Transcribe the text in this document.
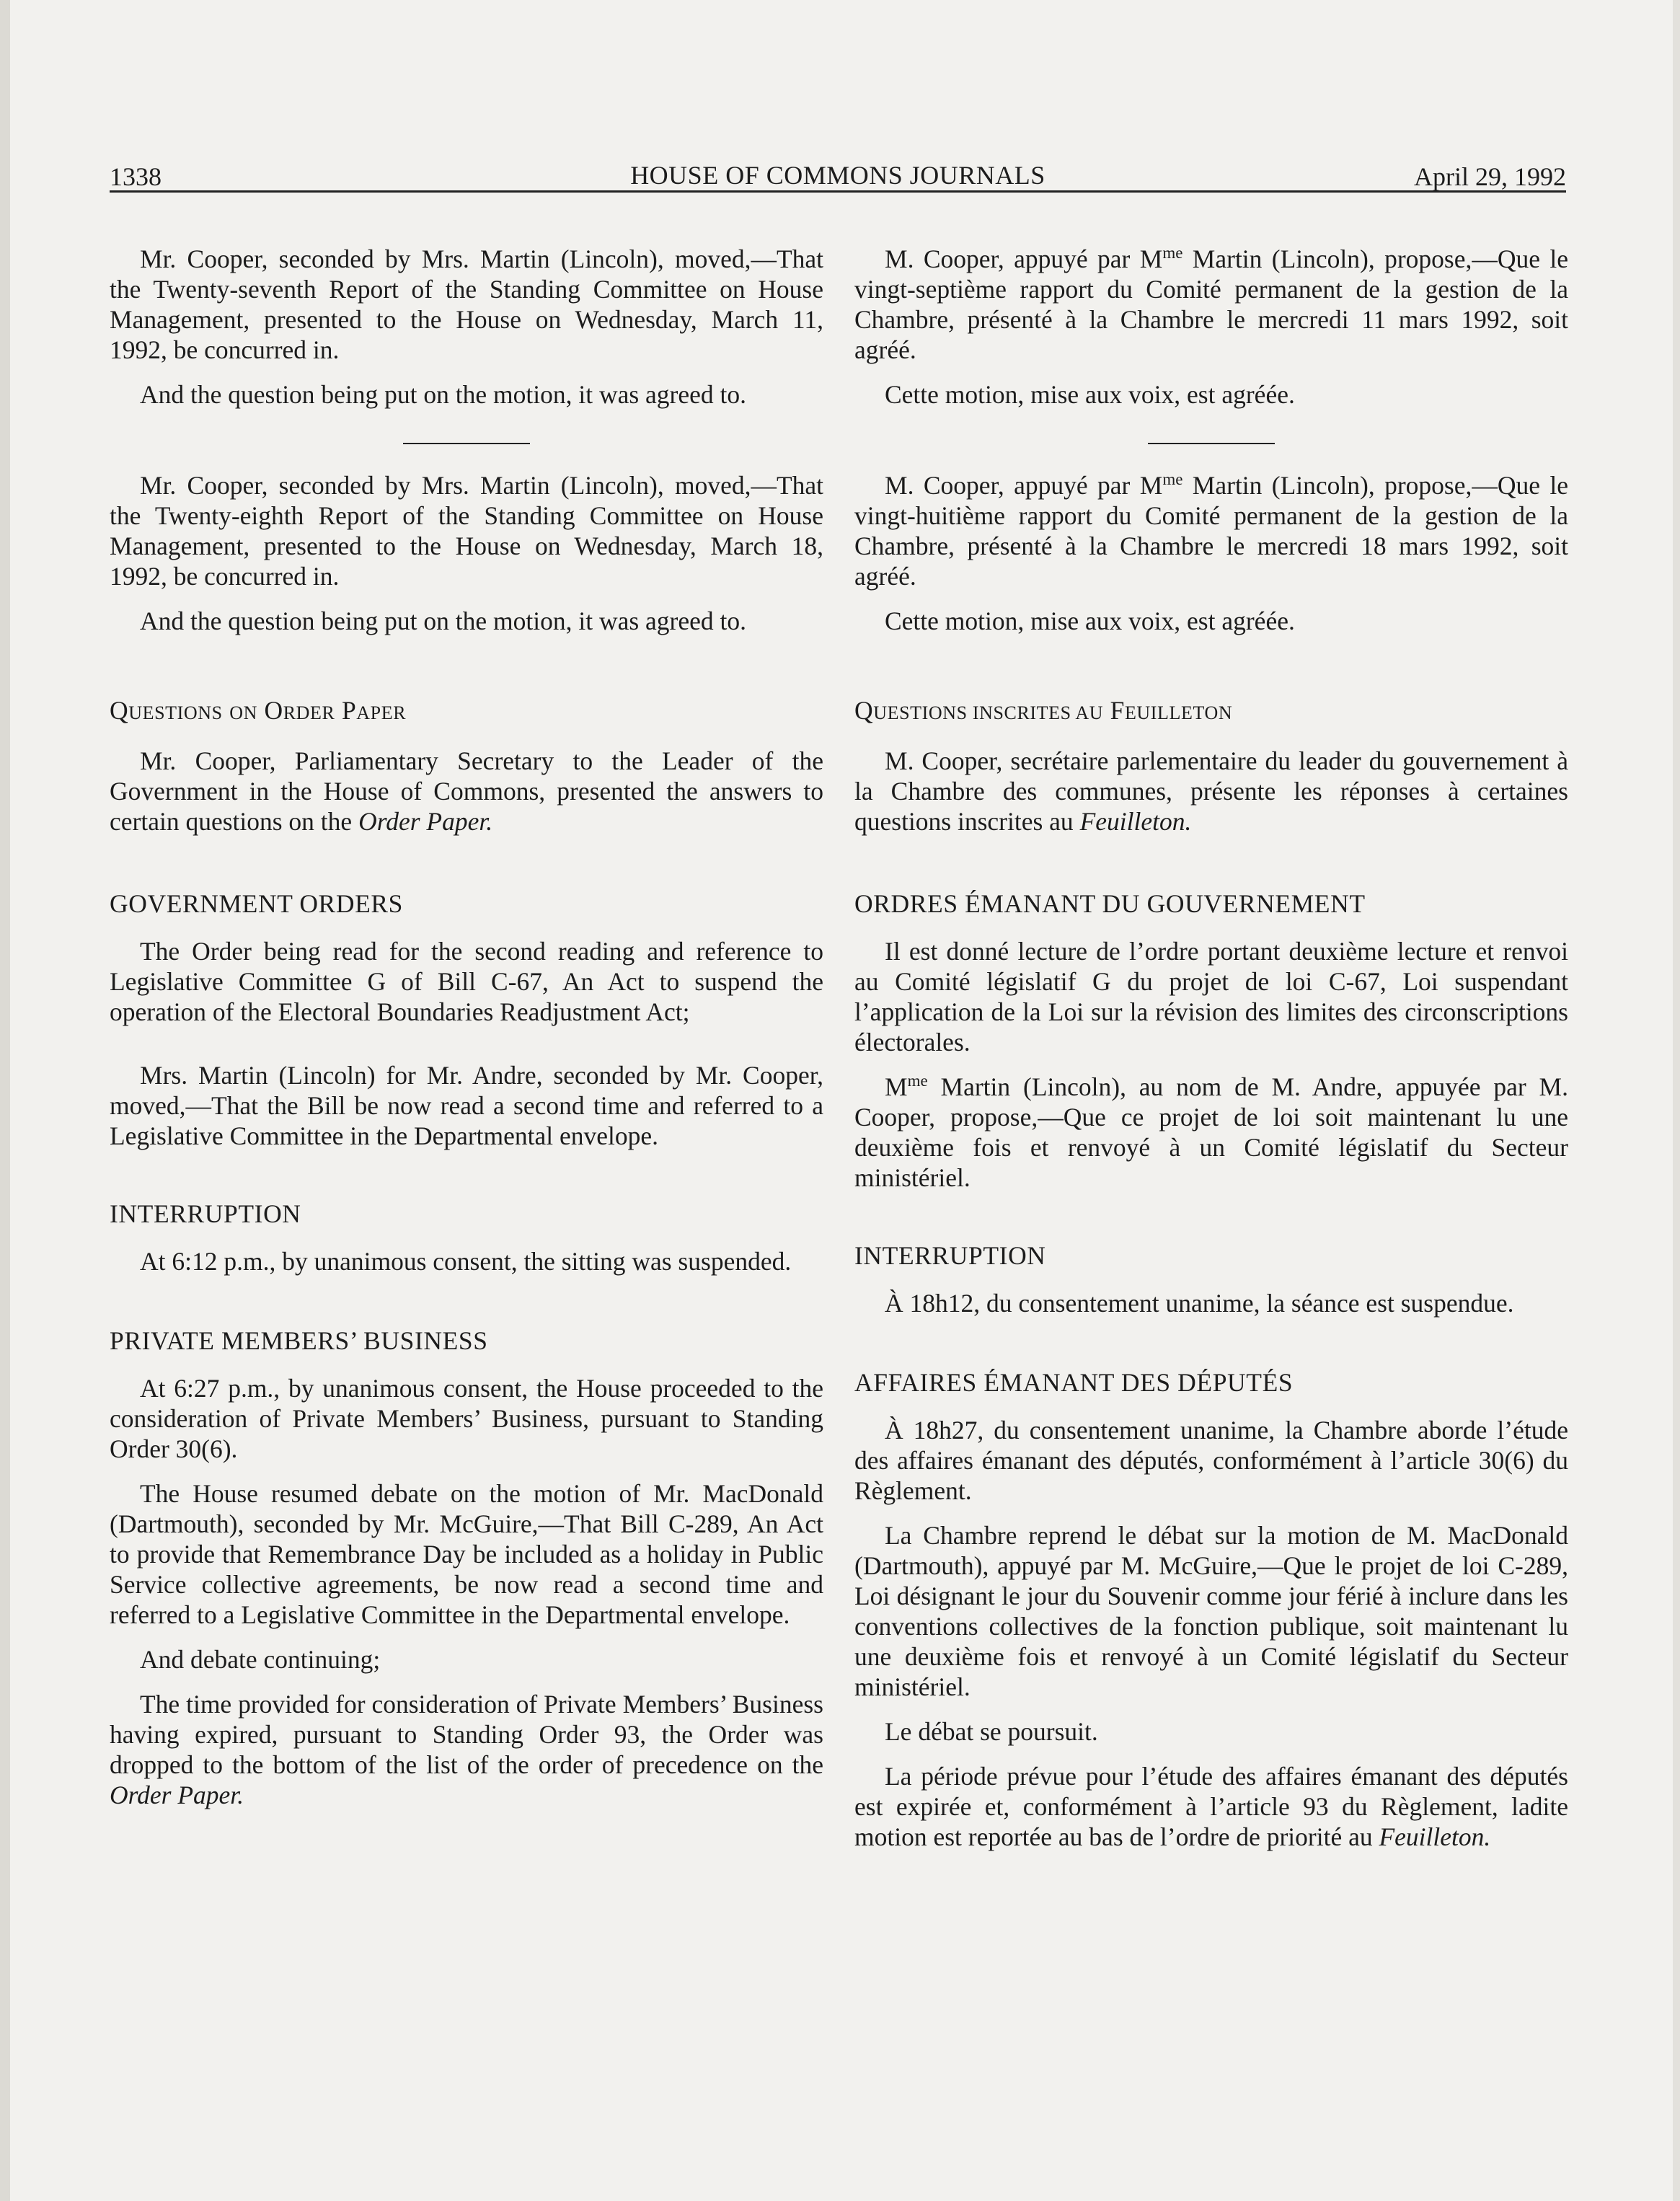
1338	HOUSE OF COMMONS JOURNALS	April 29, 1992

Mr. Cooper, seconded by Mrs. Martin (Lincoln), moved,—That the Twenty-seventh Report of the Standing Committee on House Management, presented to the House on Wednesday, March 11, 1992, be concurred in.

And the question being put on the motion, it was agreed to.

Mr. Cooper, seconded by Mrs. Martin (Lincoln), moved,—That the Twenty-eighth Report of the Standing Committee on House Management, presented to the House on Wednesday, March 18, 1992, be concurred in.

And the question being put on the motion, it was agreed to.

QUESTIONS ON ORDER PAPER

Mr. Cooper, Parliamentary Secretary to the Leader of the Government in the House of Commons, presented the answers to certain questions on the Order Paper.

GOVERNMENT ORDERS

The Order being read for the second reading and reference to Legislative Committee G of Bill C-67, An Act to suspend the operation of the Electoral Boundaries Readjustment Act;

Mrs. Martin (Lincoln) for Mr. Andre, seconded by Mr. Cooper, moved,—That the Bill be now read a second time and referred to a Legislative Committee in the Departmental envelope.

INTERRUPTION

At 6:12 p.m., by unanimous consent, the sitting was suspended.

PRIVATE MEMBERS’ BUSINESS

At 6:27 p.m., by unanimous consent, the House proceeded to the consideration of Private Members’ Business, pursuant to Standing Order 30(6).

The House resumed debate on the motion of Mr. MacDonald (Dartmouth), seconded by Mr. McGuire,—That Bill C-289, An Act to provide that Remembrance Day be included as a holiday in Public Service collective agreements, be now read a second time and referred to a Legislative Committee in the Departmental envelope.

And debate continuing;

The time provided for consideration of Private Members’ Business having expired, pursuant to Standing Order 93, the Order was dropped to the bottom of the list of the order of precedence on the Order Paper.

M. Cooper, appuyé par $M^{me}$ Martin (Lincoln), propose,—Que le vingt-septième rapport du Comité permanent de la gestion de la Chambre, présenté à la Chambre le mercredi 11 mars 1992, soit agréé.

Cette motion, mise aux voix, est agréée.

M. Cooper, appuyé par $M^{me}$ Martin (Lincoln), propose,—Que le vingt-huitième rapport du Comité permanent de la gestion de la Chambre, présenté à la Chambre le mercredi 18 mars 1992, soit agréé.

Cette motion, mise aux voix, est agréée.

QUESTIONS INSCRITES AU FEUILLETON

M. Cooper, secrétaire parlementaire du leader du gouvernement à la Chambre des communes, présente les réponses à certaines questions inscrites au Feuilleton.

ORDRES ÉMANANT DU GOUVERNEMENT

Il est donné lecture de l’ordre portant deuxième lecture et renvoi au Comité législatif G du projet de loi C-67, Loi suspendant l’application de la Loi sur la révision des limites des circonscriptions électorales.

$M^{me}$ Martin (Lincoln), au nom de M. Andre, appuyée par M. Cooper, propose,—Que ce projet de loi soit maintenant lu une deuxième fois et renvoyé à un Comité législatif du Secteur ministériel.

INTERRUPTION

À 18h12, du consentement unanime, la séance est suspendue.

AFFAIRES ÉMANANT DES DÉPUTÉS

À 18h27, du consentement unanime, la Chambre aborde l’étude des affaires émanant des députés, conformément à l’article 30(6) du Règlement.

La Chambre reprend le débat sur la motion de M. MacDonald (Dartmouth), appuyé par M. McGuire,—Que le projet de loi C-289, Loi désignant le jour du Souvenir comme jour férié à inclure dans les conventions collectives de la fonction publique, soit maintenant lu une deuxième fois et renvoyé à un Comité législatif du Secteur ministériel.

Le débat se poursuit.

La période prévue pour l’étude des affaires émanant des députés est expirée et, conformément à l’article 93 du Règlement, ladite motion est reportée au bas de l’ordre de priorité au Feuilleton.
